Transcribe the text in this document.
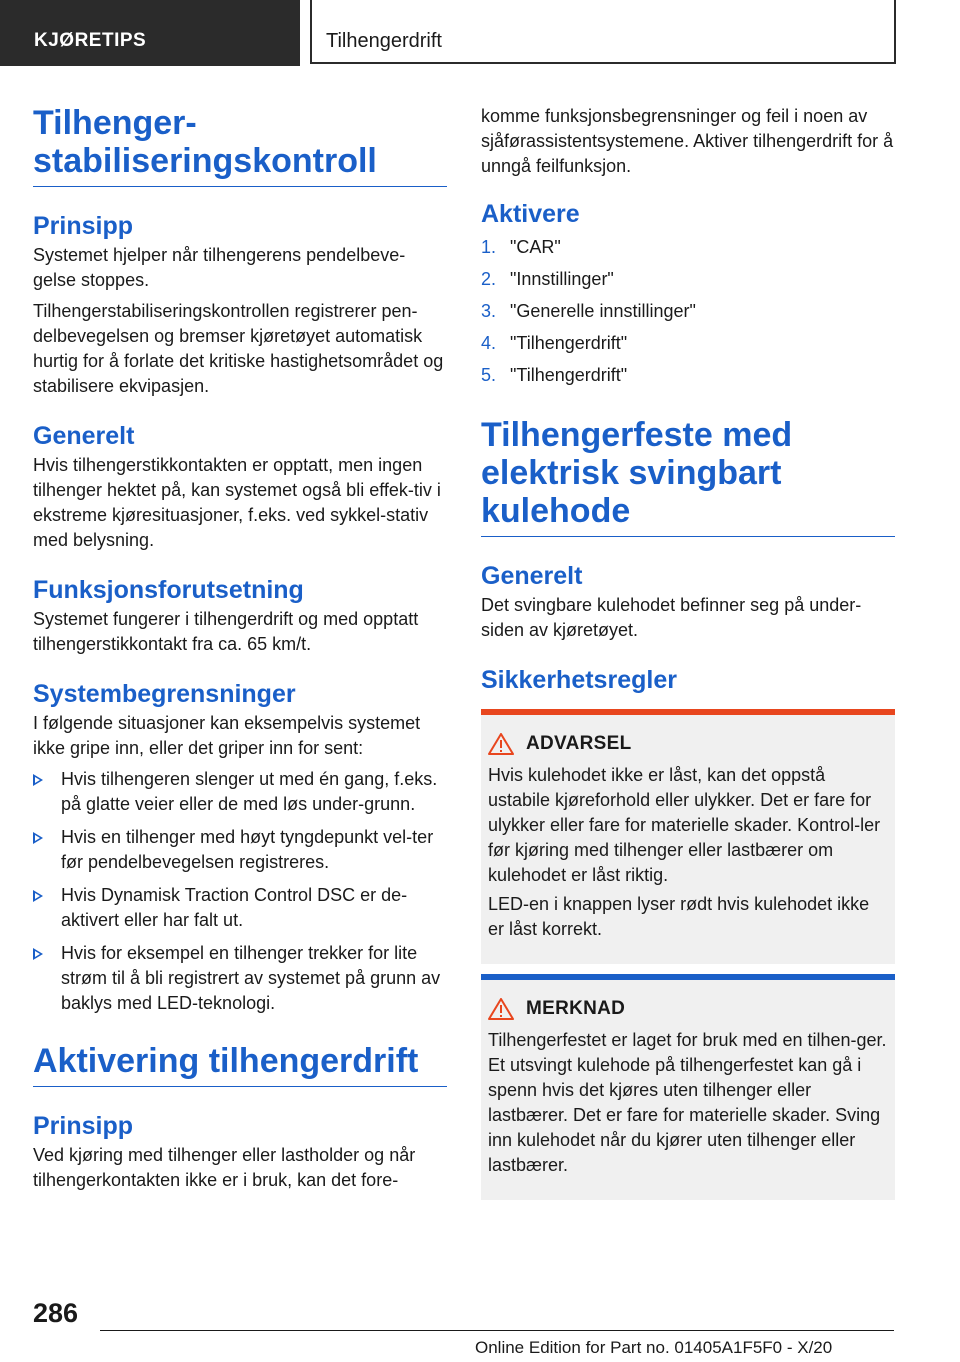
KJØRETIPS	Tilhengerdrift
Tilhenger-
stabiliseringskontroll
Prinsipp

Systemet hjelper når tilhengerens pendelbeve-gelse stoppes.

Tilhengerstabiliseringskontrollen registrerer pen-delbevegelsen og bremser kjøretøyet automatisk hurtig for å forlate det kritiske hastighetsområdet og stabilisere ekvipasjen.

Generelt

Hvis tilhengerstikkontakten er opptatt, men ingen tilhenger hektet på, kan systemet også bli effek-tiv i ekstreme kjøresituasjoner, f.eks. ved sykkel-stativ med belysning.

Funksjonsforutsetning

Systemet fungerer i tilhengerdrift og med opptatt tilhengerstikkontakt fra ca. 65 km/t.

Systembegrensninger

I følgende situasjoner kan eksempelvis systemet ikke gripe inn, eller det griper inn for sent:

Hvis tilhengeren slenger ut med én gang, f.eks. på glatte veier eller de med løs under-grunn.
Hvis en tilhenger med høyt tyngdepunkt vel-ter før pendelbevegelsen registreres.
Hvis Dynamisk Traction Control DSC er de-aktivert eller har falt ut.
Hvis for eksempel en tilhenger trekker for lite strøm til å bli registrert av systemet på grunn av baklys med LED-teknologi.
Aktivering tilhengerdrift
Prinsipp

Ved kjøring med tilhenger eller lastholder og når tilhengerkontakten ikke er i bruk, kan det fore-

komme funksjonsbegrensninger og feil i noen av sjåførassistentsystemene. Aktiver tilhengerdrift for å unngå feilfunksjon.

Aktivere
1. "CAR"
2. "Innstillinger"
3. "Generelle innstillinger"
4. "Tilhengerdrift"
5. "Tilhengerdrift"
Tilhengerfeste med
elektrisk svingbart
kulehode
Generelt

Det svingbare kulehodet befinner seg på under-siden av kjøretøyet.

Sikkerhetsregler
ADVARSEL

Hvis kulehodet ikke er låst, kan det oppstå ustabile kjøreforhold eller ulykker. Det er fare for ulykker eller fare for materielle skader. Kontrol-ler før kjøring med tilhenger eller lastbærer om kulehodet er låst riktig.

LED-en i knappen lyser rødt hvis kulehodet ikke er låst korrekt.

MERKNAD

Tilhengerfestet er laget for bruk med en tilhen-ger. Et utsvingt kulehode på tilhengerfestet kan gå i spenn hvis det kjøres uten tilhenger eller lastbærer. Det er fare for materielle skader. Sving inn kulehodet når du kjører uten tilhenger eller lastbærer.

286
Online Edition for Part no. 01405A1F5F0 - X/20
